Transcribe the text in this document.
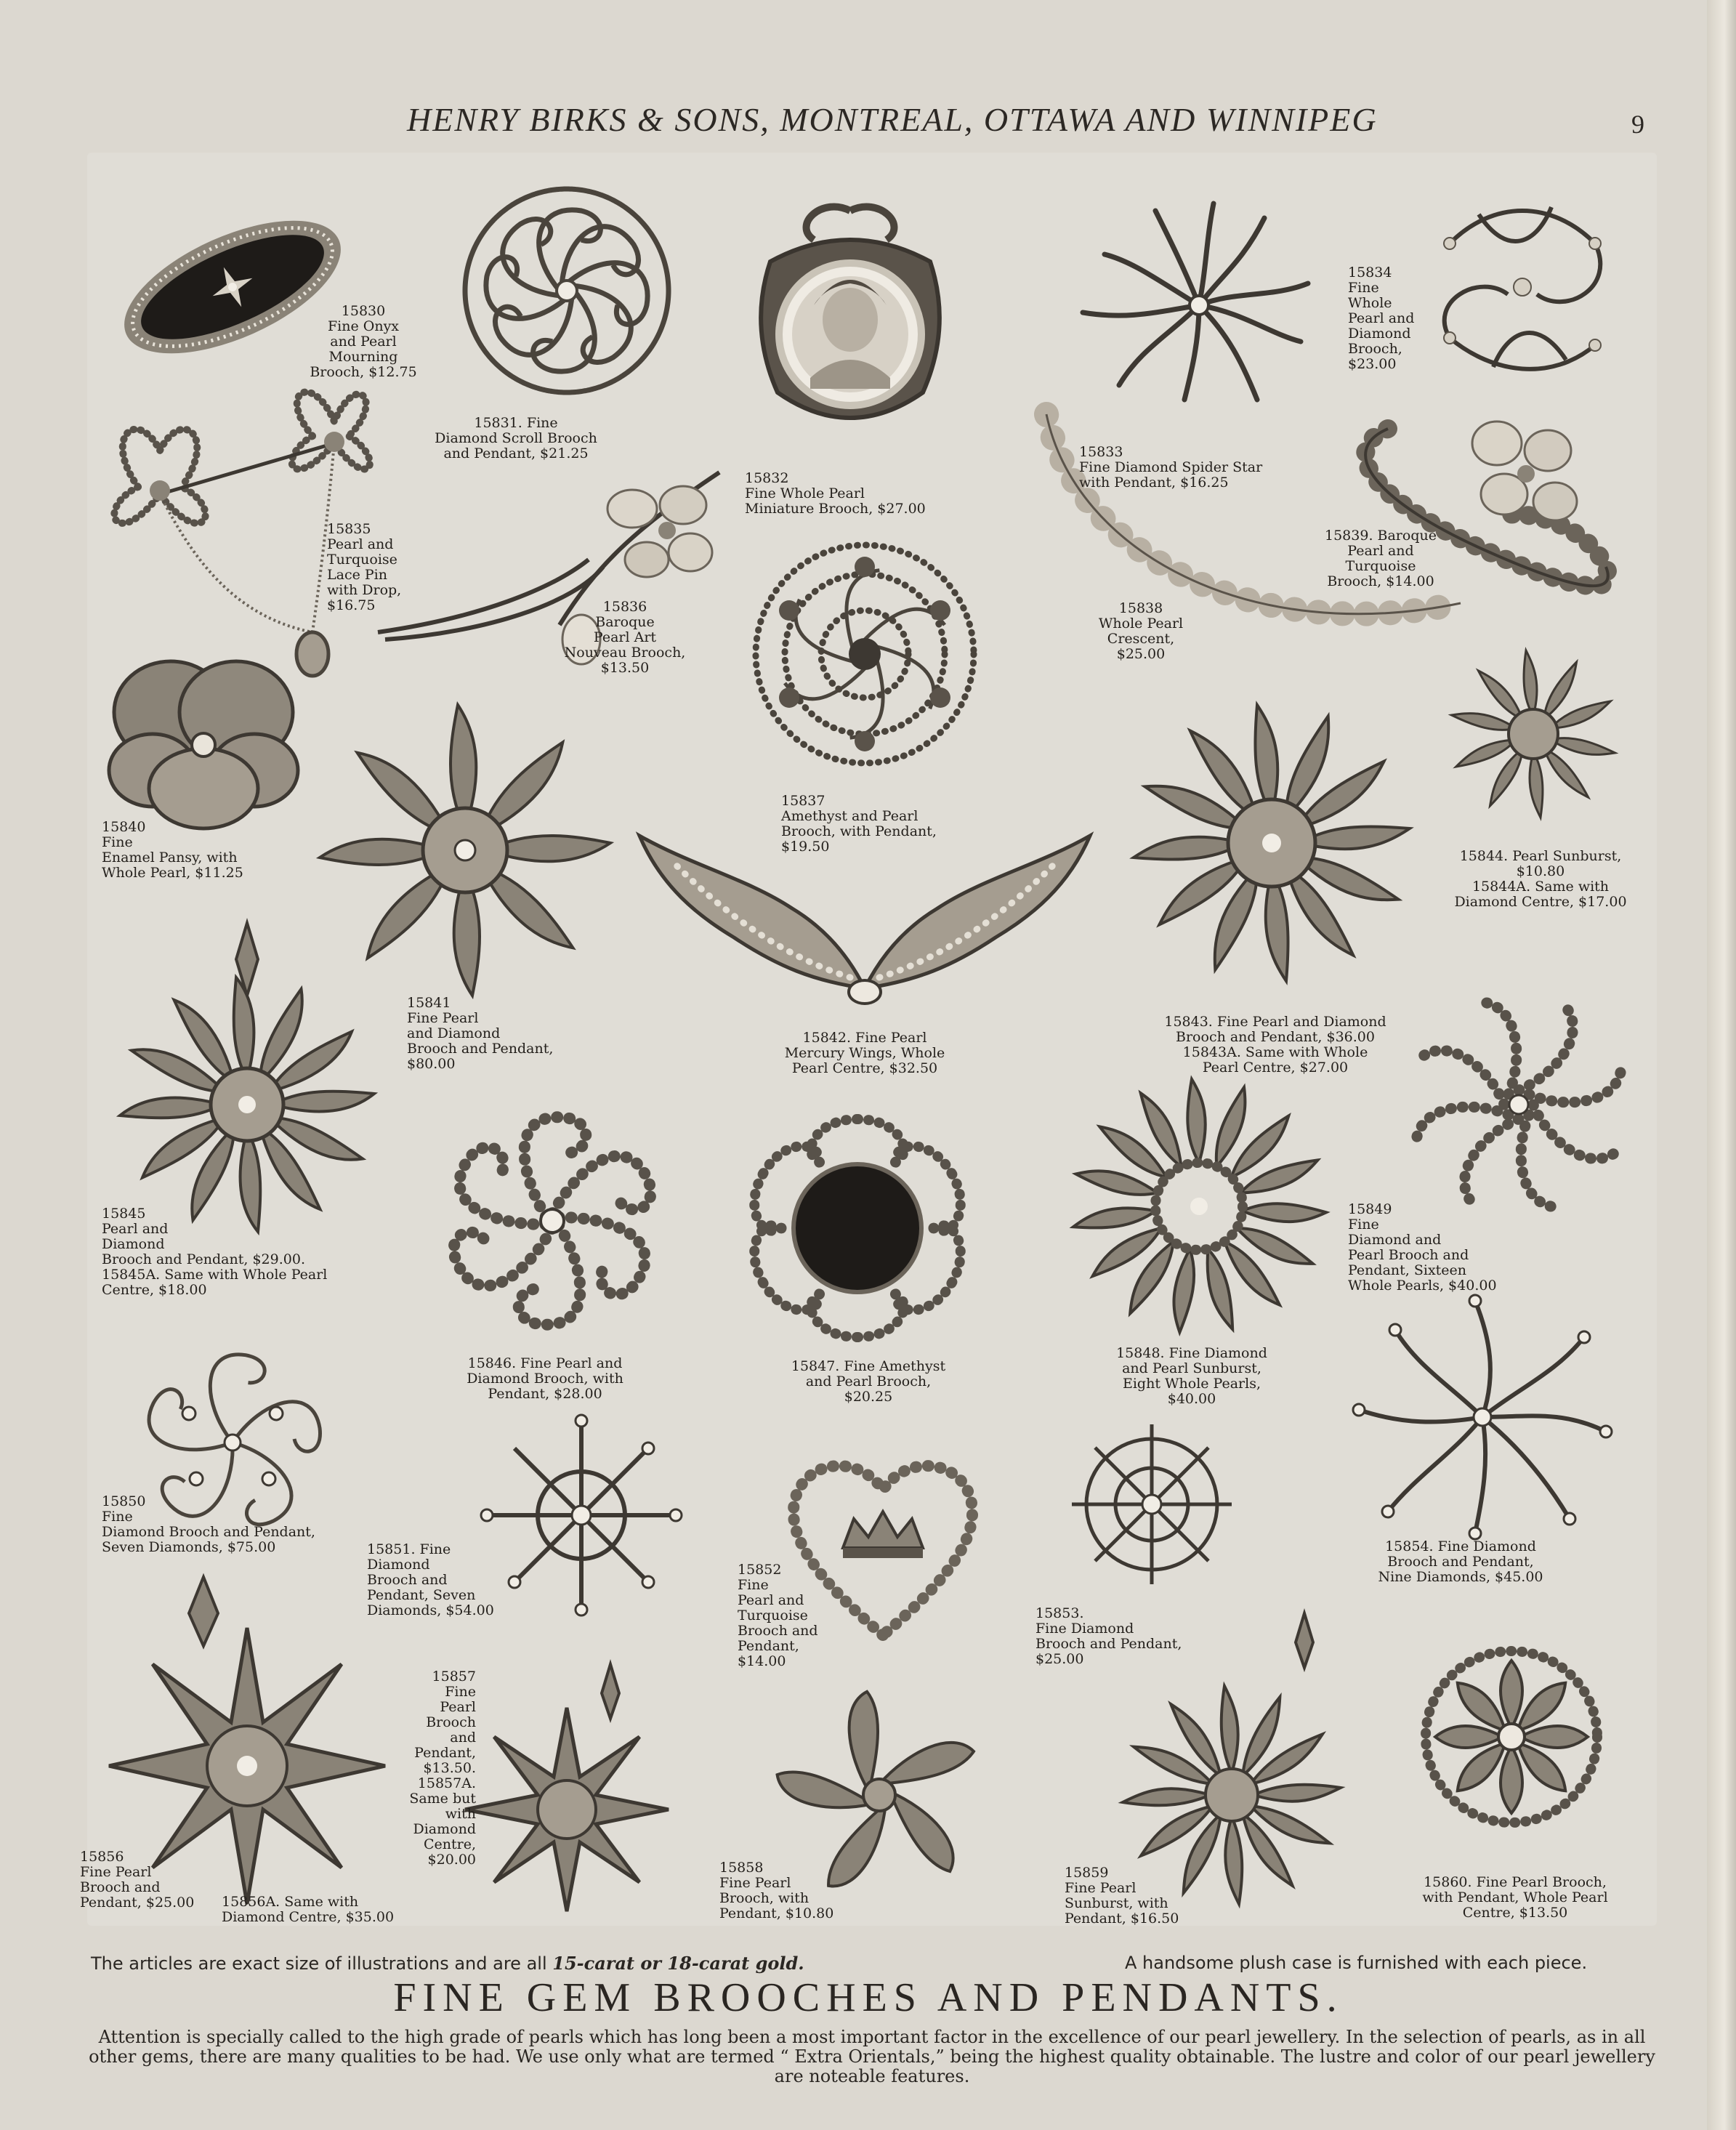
HENRY BIRKS & SONS, MONTREAL, OTTAWA AND WINNIPEG	9
15830
Fine Onyx
and Pearl
Mourning
Brooch, $12.75
15831. Fine
Diamond Scroll Brooch
and Pendant, $21.25
15832
Fine Whole Pearl
Miniature Brooch, $27.00
15833
Fine Diamond Spider Star
with Pendant, $16.25
15834
Fine
Whole
Pearl and
Diamond
Brooch,
$23.00
15835
Pearl and
Turquoise
Lace Pin
with Drop,
$16.75	15836
Baroque
Pearl Art
Nouveau Brooch,
$13.50
15837
Amethyst and Pearl
Brooch, with Pendant,
$19.50
15838
Whole Pearl
Crescent,
$25.00
15839. Baroque
Pearl and
Turquoise
Brooch, $14.00
15840
Fine
Enamel Pansy, with
Whole Pearl, $11.25
15841
Fine Pearl
and Diamond
Brooch and Pendant,
$80.00
15842. Fine Pearl
Mercury Wings, Whole
Pearl Centre, $32.50
15843. Fine Pearl and Diamond
Brooch and Pendant, $36.00
15843A. Same with Whole
Pearl Centre, $27.00
15844. Pearl Sunburst,
$10.80
15844A. Same with
Diamond Centre, $17.00
15845
Pearl and
Diamond
Brooch and Pendant, $29.00.
15845A. Same with Whole Pearl
Centre, $18.00
15846. Fine Pearl and
Diamond Brooch, with
Pendant, $28.00
15847. Fine Amethyst
and Pearl Brooch,
$20.25
15848. Fine Diamond
and Pearl Sunburst,
Eight Whole Pearls,
$40.00
15849
Fine
Diamond and
Pearl Brooch and
Pendant, Sixteen
Whole Pearls, $40.00
15850
Fine
Diamond Brooch and Pendant,
Seven Diamonds, $75.00	15851. Fine
Diamond
Brooch and
Pendant, Seven
Diamonds, $54.00
15852
Fine
Pearl and
Turquoise
Brooch and
Pendant,
$14.00
15853.
Fine Diamond
Brooch and Pendant,
$25.00
15854. Fine Diamond
Brooch and Pendant,
Nine Diamonds, $45.00
15856
Fine Pearl
Brooch and
Pendant, $25.00 15856A. Same with
Diamond Centre, $35.00
15857
Fine
Pearl
Brooch
and
Pendant,
$13.50.
15857A.
Same but
with
Diamond
Centre,
$20.00	15858
Fine Pearl
Brooch, with
Pendant, $10.80
15859
Fine Pearl
Sunburst, with
Pendant, $16.50
15860. Fine Pearl Brooch,
with Pendant, Whole Pearl
Centre, $13.50
The articles are exact size of illustrations and are all 15-carat or 18-carat gold.	A handsome plush case is furnished with each piece.
FINE GEM BROOCHES AND PENDANTS.
Attention is specially called to the high grade of pearls which has long been a most important factor in the excellence of our pearl jewellery. In the selection of pearls, as in all other gems, there are many qualities to be had. We use only what are termed “ Extra Orientals,” being the highest quality obtainable. The lustre and color of our pearl jewellery are noteable features.
